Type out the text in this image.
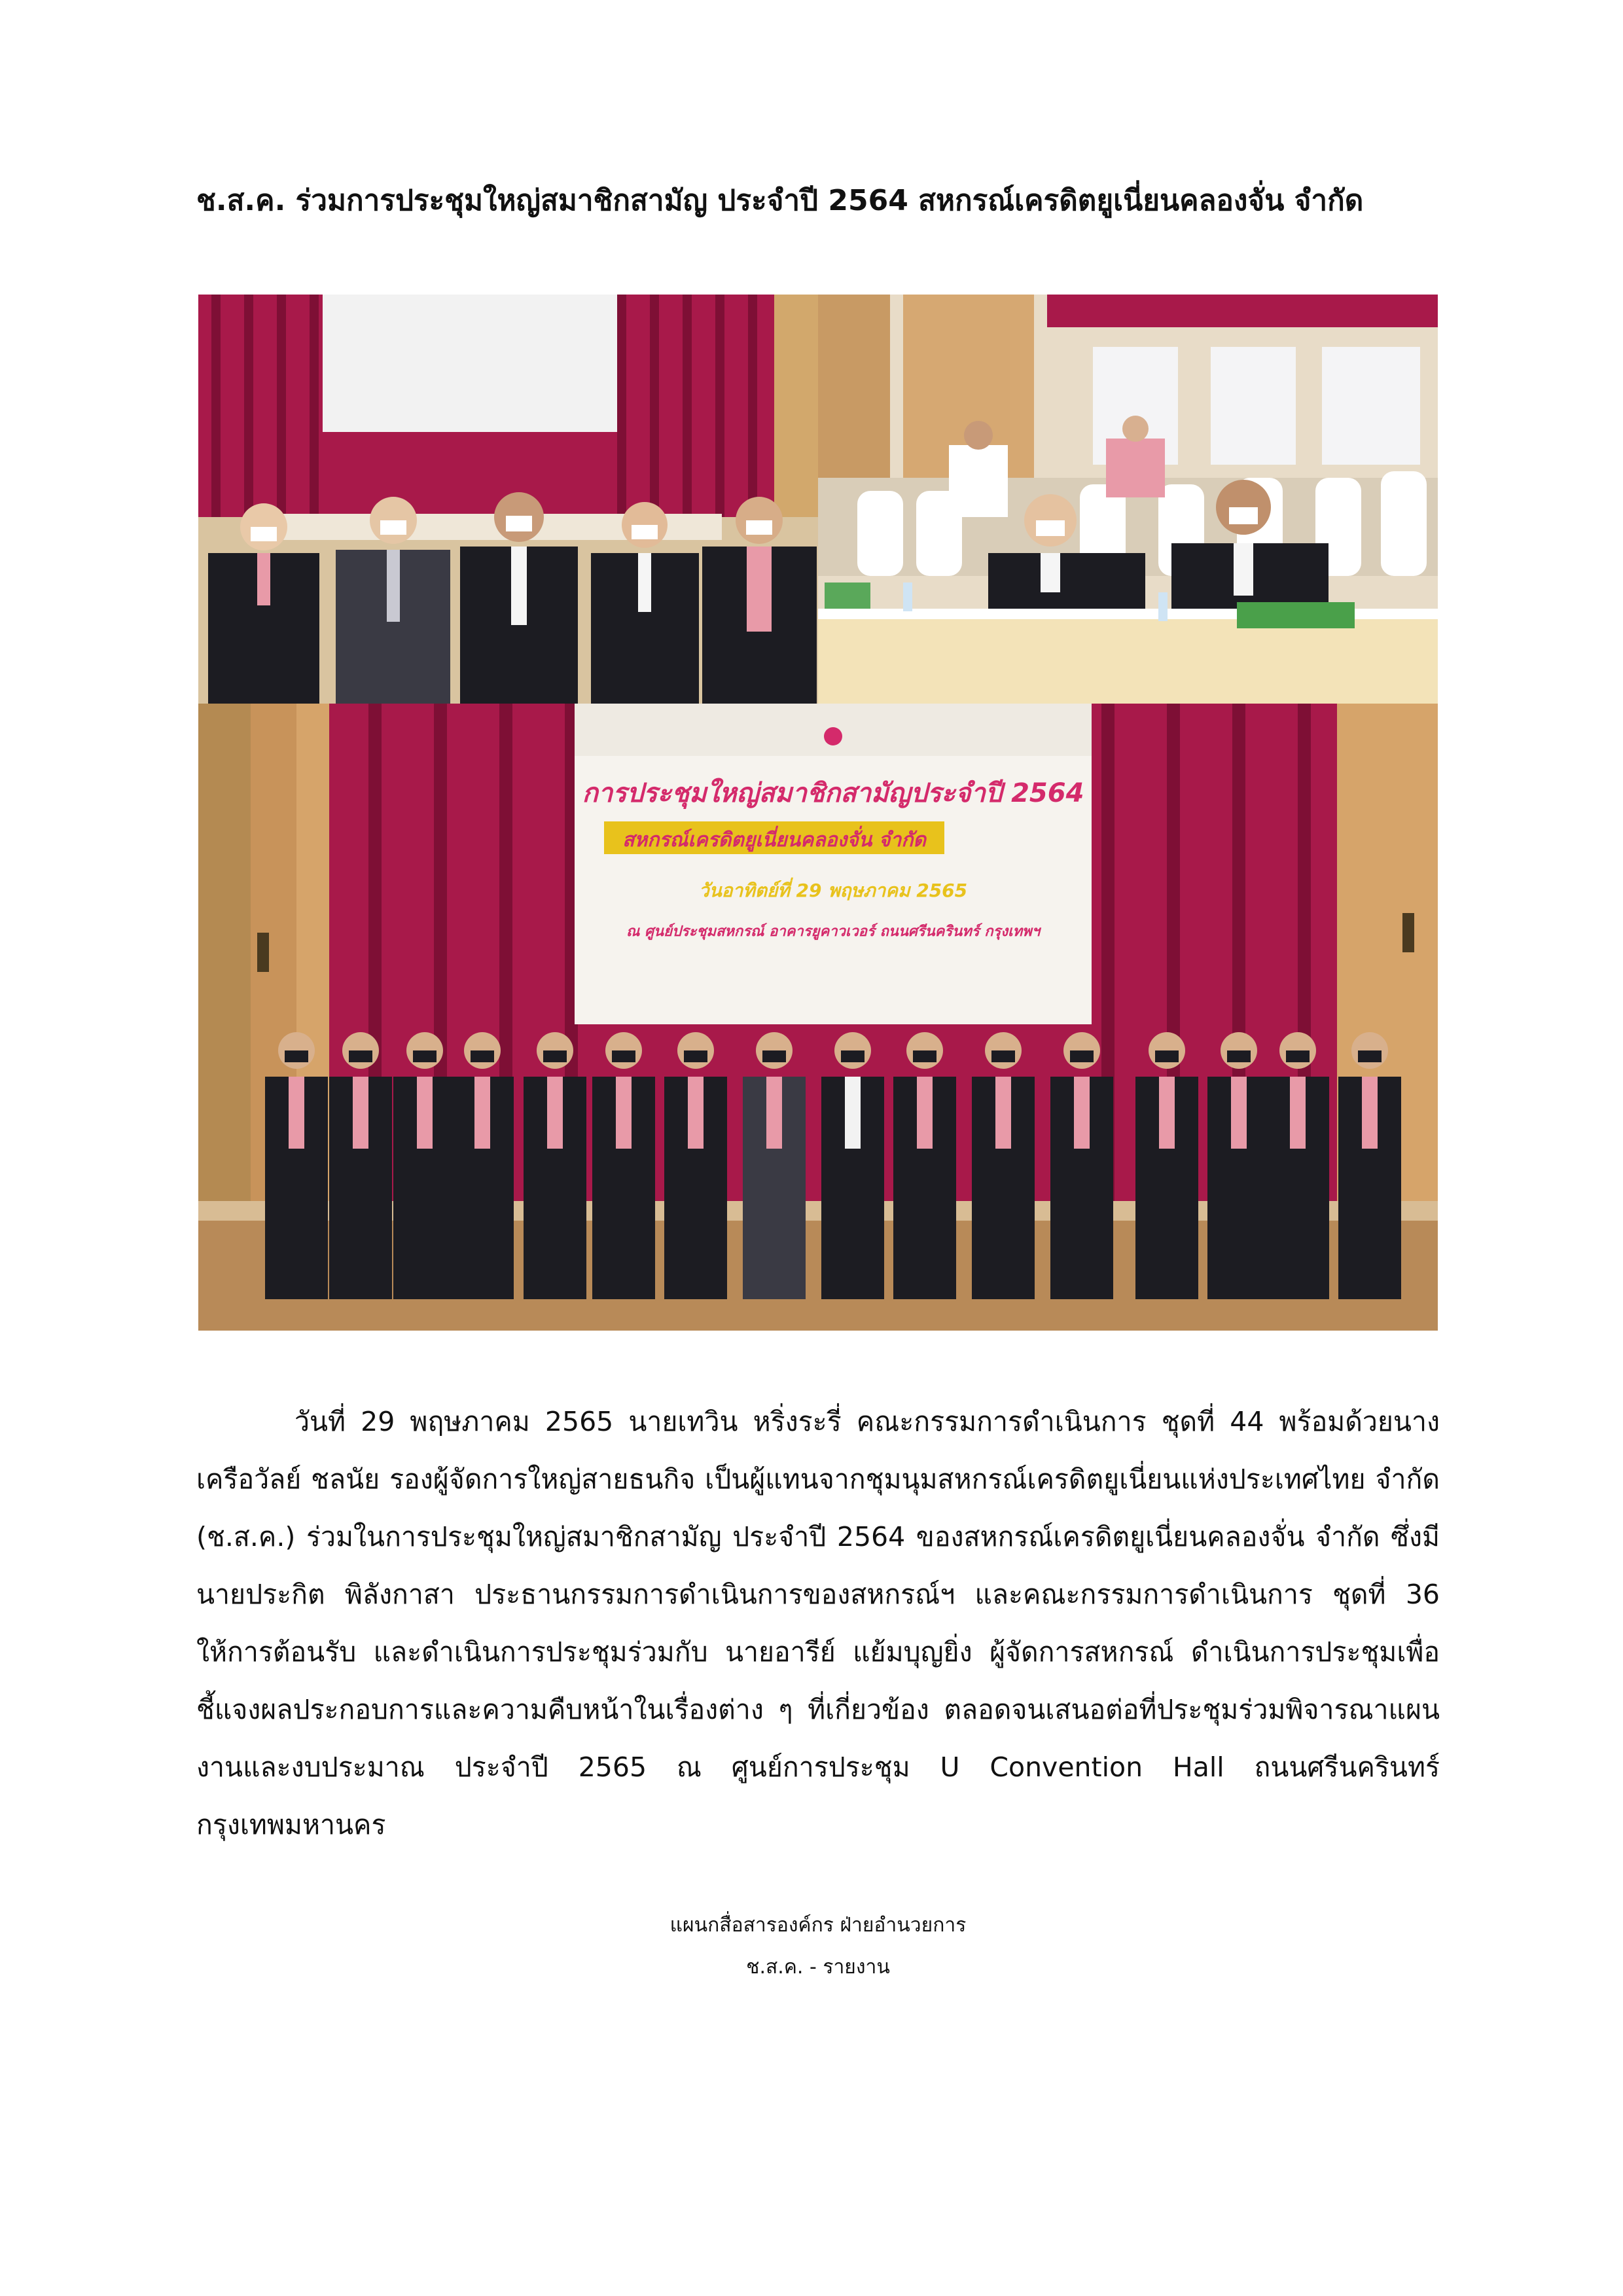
ช.ส.ค. ร่วมการประชุมใหญ่สมาชิกสามัญ ประจำปี 2564 สหกรณ์เครดิตยูเนี่ยนคลองจั่น จำกัด
การประชุมใหญ่สมาชิกสามัญประจำปี 2564
สหกรณ์เครดิตยูเนี่ยนคลองจั่น จำกัด
วันอาทิตย์ที่ 29 พฤษภาคม 2565
ณ ศูนย์ประชุมสหกรณ์ อาคารยูคาวเวอร์ ถนนศรีนครินทร์ กรุงเทพฯ
วันที่ 29 พฤษภาคม 2565 นายเทวิน หริ่งระรี่ คณะกรรมการดำเนินการ ชุดที่ 44 พร้อมด้วยนางเครือวัลย์ ชลนัย รองผู้จัดการใหญ่สายธนกิจ เป็นผู้แทนจากชุมนุมสหกรณ์เครดิตยูเนี่ยนแห่งประเทศไทย จำกัด (ช.ส.ค.) ร่วมในการประชุมใหญ่สมาชิกสามัญ ประจำปี 2564 ของสหกรณ์เครดิตยูเนี่ยนคลองจั่น จำกัด ซึ่งมีนายประกิต พิลังกาสา ประธานกรรมการดำเนินการของสหกรณ์ฯ และคณะกรรมการดำเนินการ ชุดที่ 36 ให้การต้อนรับ และดำเนินการประชุมร่วมกับ นายอารีย์ แย้มบุญยิ่ง ผู้จัดการสหกรณ์ ดำเนินการประชุมเพื่อชี้แจงผลประกอบการและความคืบหน้าในเรื่องต่าง ๆ ที่เกี่ยวข้อง ตลอดจนเสนอต่อที่ประชุมร่วมพิจารณาแผนงานและงบประมาณ ประจำปี 2565 ณ ศูนย์การประชุม U Convention Hall ถนนศรีนครินทร์ กรุงเทพมหานคร
แผนกสื่อสารองค์กร ฝ่ายอำนวยการ
ช.ส.ค. - รายงาน
